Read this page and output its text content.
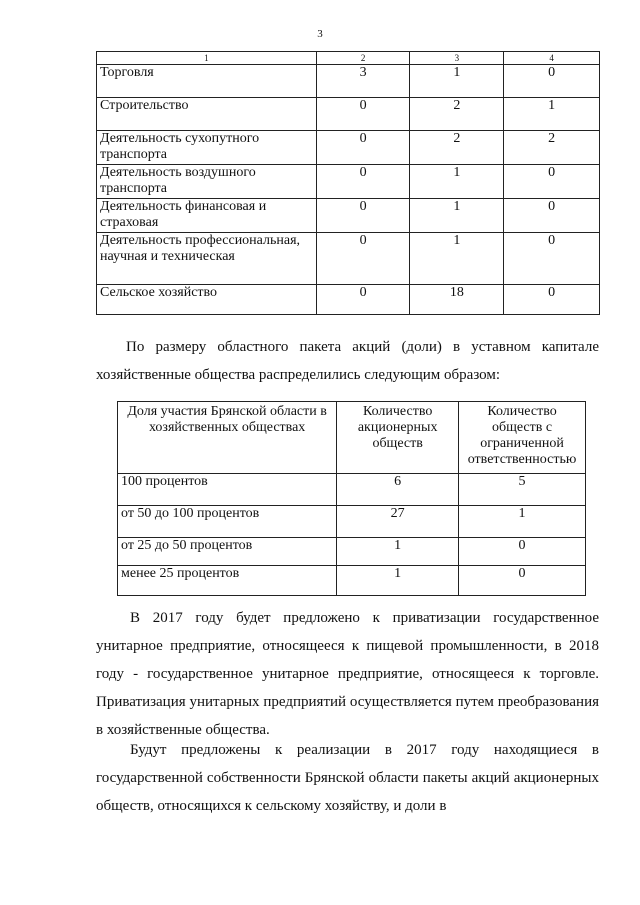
3
1	2	3	4
Торговля	3	1	0
Строительство	0	2	1
Деятельность сухопутного транспорта	0	2	2
Деятельность воздушного транспорта	0	1	0
Деятельность финансовая и страховая	0	1	0
Деятельность профессиональная, научная и техническая	0	1	0
Сельское хозяйство	0	18	0

По размеру областного пакета акций (доли) в уставном капитале хозяйственные общества распределились следующим образом:

Доля участия Брянской области в хозяйственных обществах	Количество акционерных обществ	Количество обществ с ограниченной ответственностью
100 процентов	6	5
от 50 до 100 процентов	27	1
от 25 до 50 процентов	1	0
менее 25 процентов	1	0

В 2017 году будет предложено к приватизации государственное унитарное предприятие, относящееся к пищевой промышленности, в 2018 году - государственное унитарное предприятие, относящееся к торговле. Приватизация унитарных предприятий осуществляется путем преобразования в хозяйственные общества.

Будут предложены к реализации в 2017 году находящиеся в государственной собственности Брянской области пакеты акций акционерных обществ, относящихся к сельскому хозяйству, и доли в
